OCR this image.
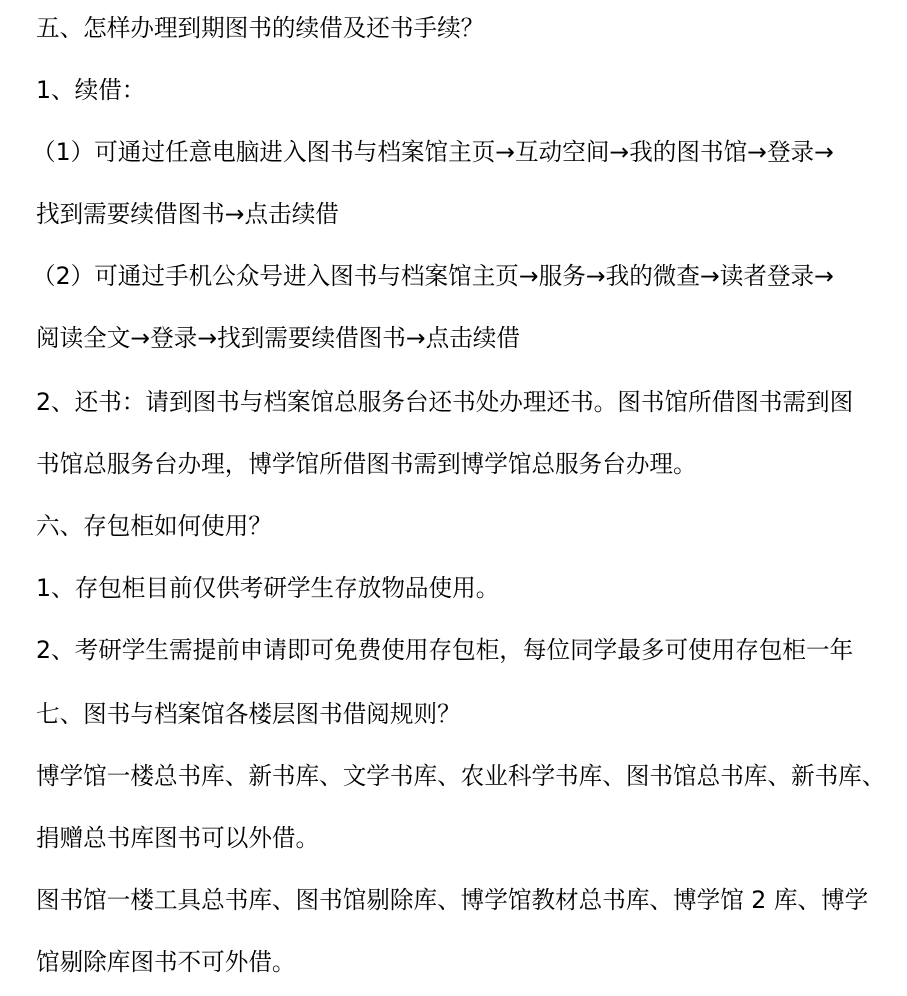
五、怎样办理到期图书的续借及还书手续？
1、续借：
（1）可通过任意电脑进入图书与档案馆主页→互动空间→我的图书馆→登录→
找到需要续借图书→点击续借
（2）可通过手机公众号进入图书与档案馆主页→服务→我的微查→读者登录→
阅读全文→登录→找到需要续借图书→点击续借
2、还书：请到图书与档案馆总服务台还书处办理还书。图书馆所借图书需到图
书馆总服务台办理，博学馆所借图书需到博学馆总服务台办理。
六、存包柜如何使用？
1、存包柜目前仅供考研学生存放物品使用。
2、考研学生需提前申请即可免费使用存包柜，每位同学最多可使用存包柜一年
七、图书与档案馆各楼层图书借阅规则？
博学馆一楼总书库、新书库、文学书库、农业科学书库、图书馆总书库、新书库、
捐赠总书库图书可以外借。
图书馆一楼工具总书库、图书馆剔除库、博学馆教材总书库、博学馆 2 库、博学
馆剔除库图书不可外借。
